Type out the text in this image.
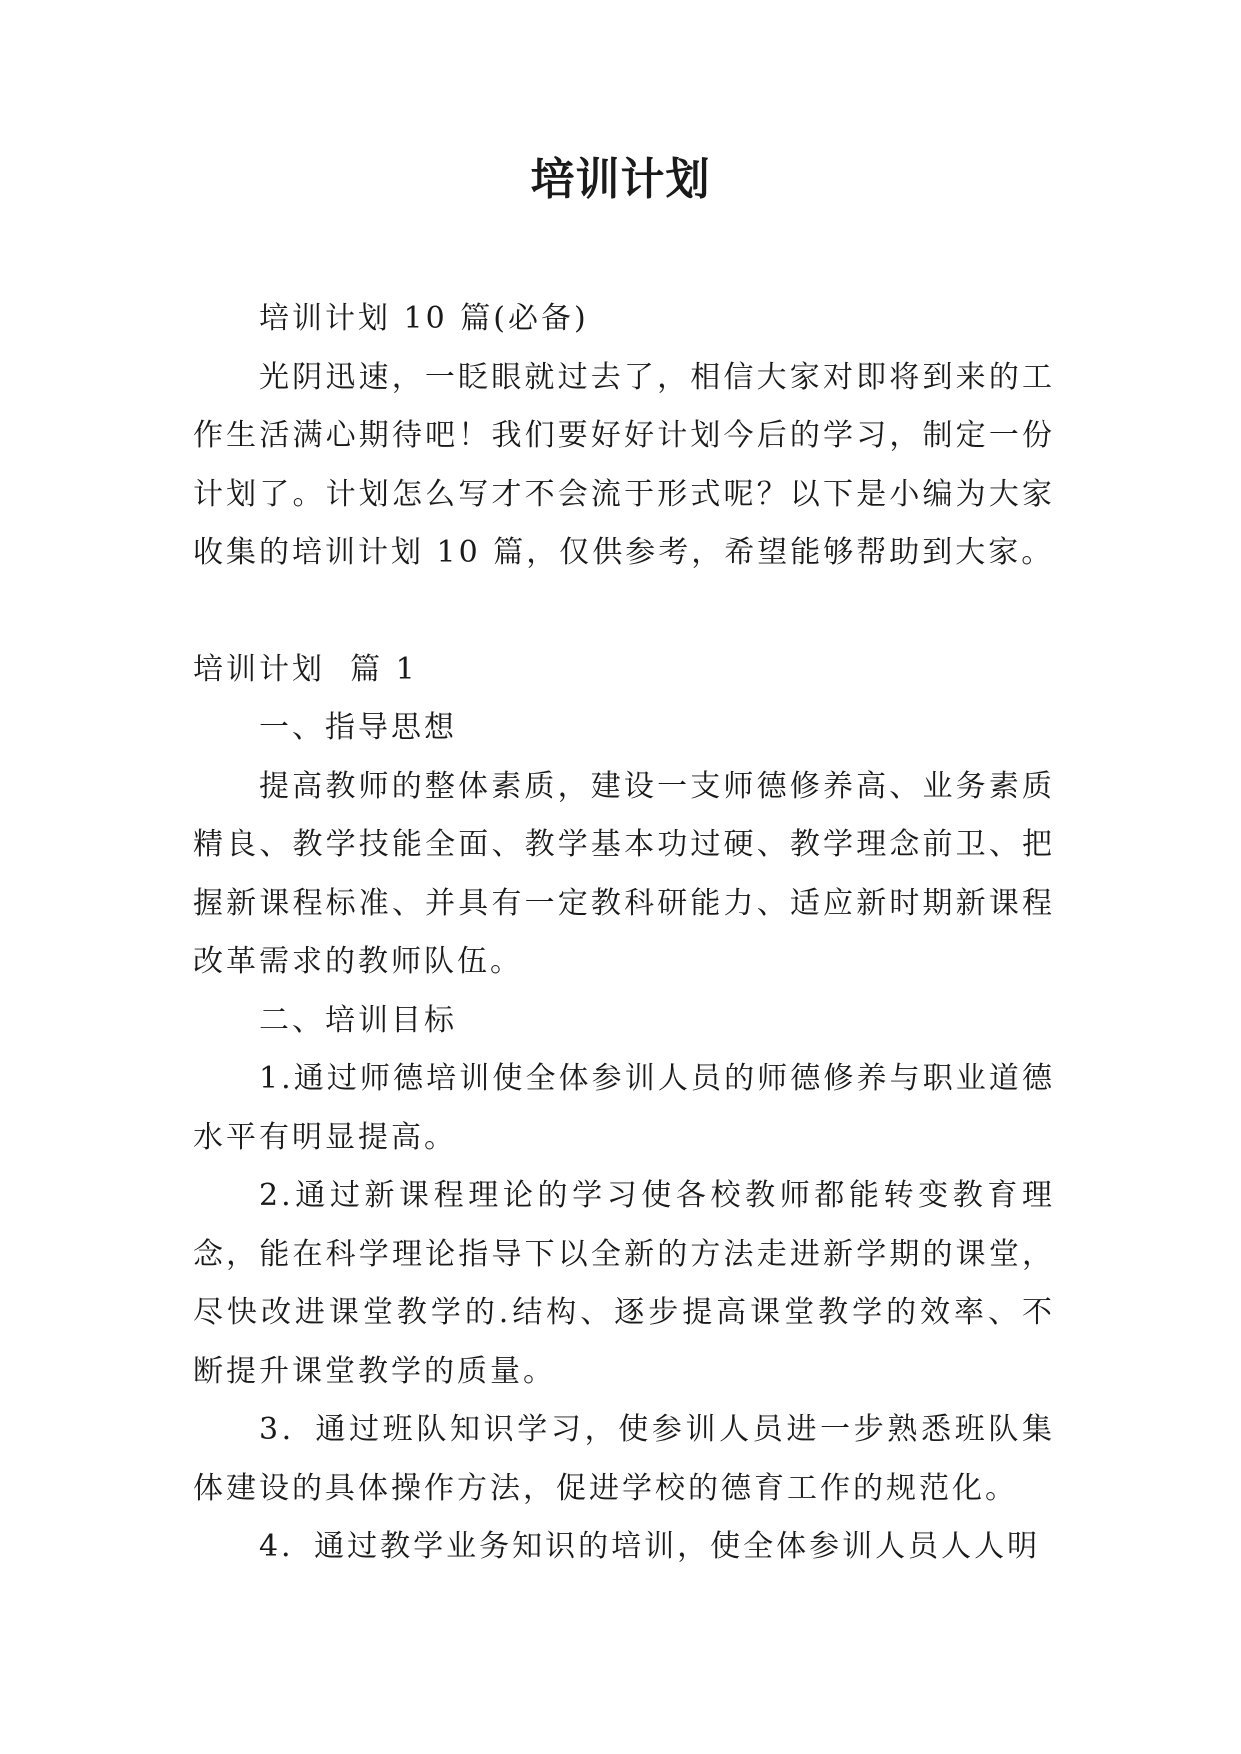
培训计划

培训计划 10 篇(必备)

光阴迅速，一眨眼就过去了，相信大家对即将到来的工作生活满心期待吧！我们要好好计划今后的学习，制定一份计划了。计划怎么写才不会流于形式呢？以下是小编为大家收集的培训计划 10 篇，仅供参考，希望能够帮助到大家。

培训计划  篇 1

一、指导思想

提高教师的整体素质，建设一支师德修养高、业务素质精良、教学技能全面、教学基本功过硬、教学理念前卫、把握新课程标准、并具有一定教科研能力、适应新时期新课程改革需求的教师队伍。

二、培训目标

1.通过师德培训使全体参训人员的师德修养与职业道德水平有明显提高。

2.通过新课程理论的学习使各校教师都能转变教育理念，能在科学理论指导下以全新的方法走进新学期的课堂，尽快改进课堂教学的.结构、逐步提高课堂教学的效率、不断提升课堂教学的质量。

3．通过班队知识学习，使参训人员进一步熟悉班队集体建设的具体操作方法，促进学校的德育工作的规范化。

4．通过教学业务知识的培训，使全体参训人员人人明
